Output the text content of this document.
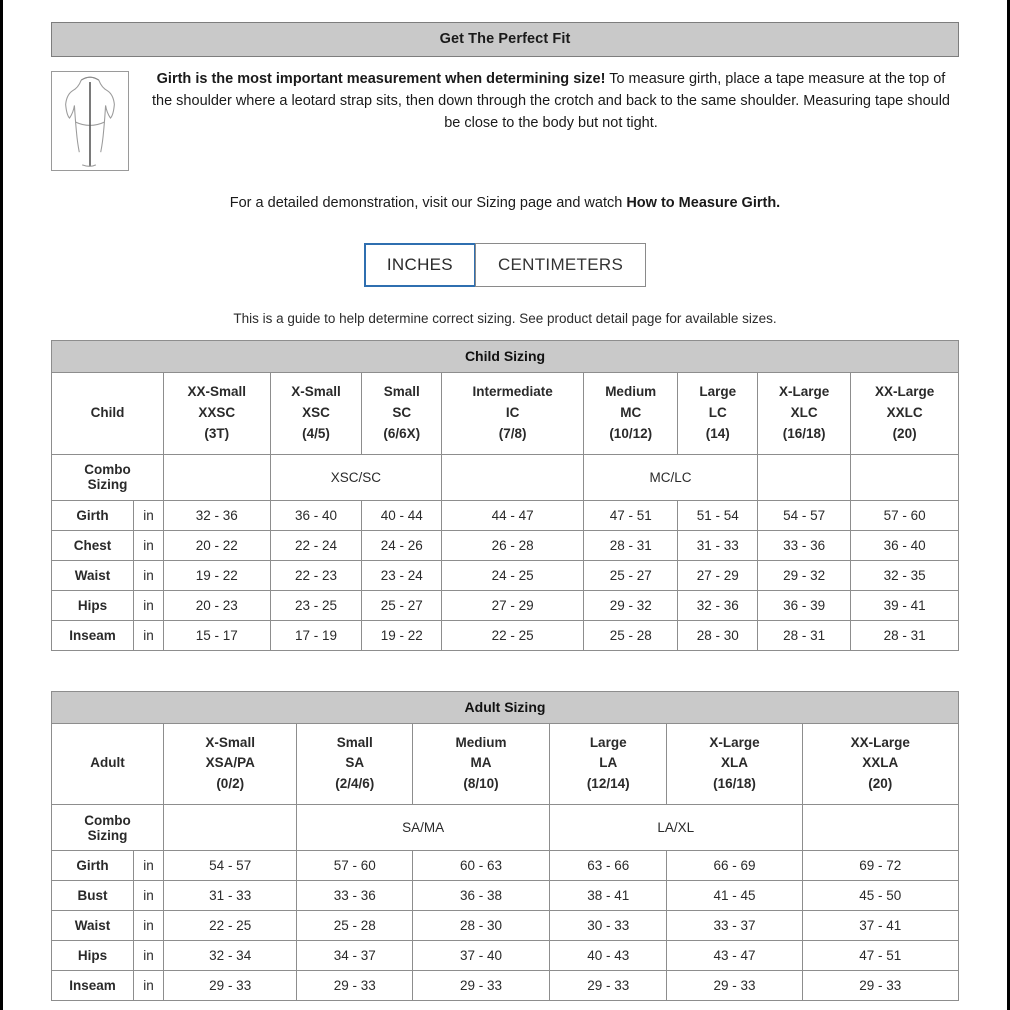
Get The Perfect Fit
Girth is the most important measurement when determining size! To measure girth, place a tape measure at the top of the shoulder where a leotard strap sits, then down through the crotch and back to the same shoulder. Measuring tape should be close to the body but not tight.
For a detailed demonstration, visit our Sizing page and watch How to Measure Girth.
INCHES	CENTIMETERS
This is a guide to help determine correct sizing. See product detail page for available sizes.
Child Sizing									
Child		XX-Small
XXSC
(3T)	X-Small
XSC
(4/5)	Small
SC
(6/6X)	Intermediate
IC
(7/8)	Medium
MC
(10/12)	Large
LC
(14)	X-Large
XLC
(16/18)	XX-Large
XXLC
(20)
Combo
Sizing			XSC/SC			MC/LC			
Girth	in	32 - 36	36 - 40	40 - 44	44 - 47	47 - 51	51 - 54	54 - 57	57 - 60
Chest	in	20 - 22	22 - 24	24 - 26	26 - 28	28 - 31	31 - 33	33 - 36	36 - 40
Waist	in	19 - 22	22 - 23	23 - 24	24 - 25	25 - 27	27 - 29	29 - 32	32 - 35
Hips	in	20 - 23	23 - 25	25 - 27	27 - 29	29 - 32	32 - 36	36 - 39	39 - 41
Inseam	in	15 - 17	17 - 19	19 - 22	22 - 25	25 - 28	28 - 30	28 - 31	28 - 31
Adult Sizing							
Adult		X-Small
XSA/PA
(0/2)	Small
SA
(2/4/6)	Medium
MA
(8/10)	Large
LA
(12/14)	X-Large
XLA
(16/18)	XX-Large
XXLA
(20)
Combo
Sizing			SA/MA		LA/XL		
Girth	in	54 - 57	57 - 60	60 - 63	63 - 66	66 - 69	69 - 72
Bust	in	31 - 33	33 - 36	36 - 38	38 - 41	41 - 45	45 - 50
Waist	in	22 - 25	25 - 28	28 - 30	30 - 33	33 - 37	37 - 41
Hips	in	32 - 34	34 - 37	37 - 40	40 - 43	43 - 47	47 - 51
Inseam	in	29 - 33	29 - 33	29 - 33	29 - 33	29 - 33	29 - 33
